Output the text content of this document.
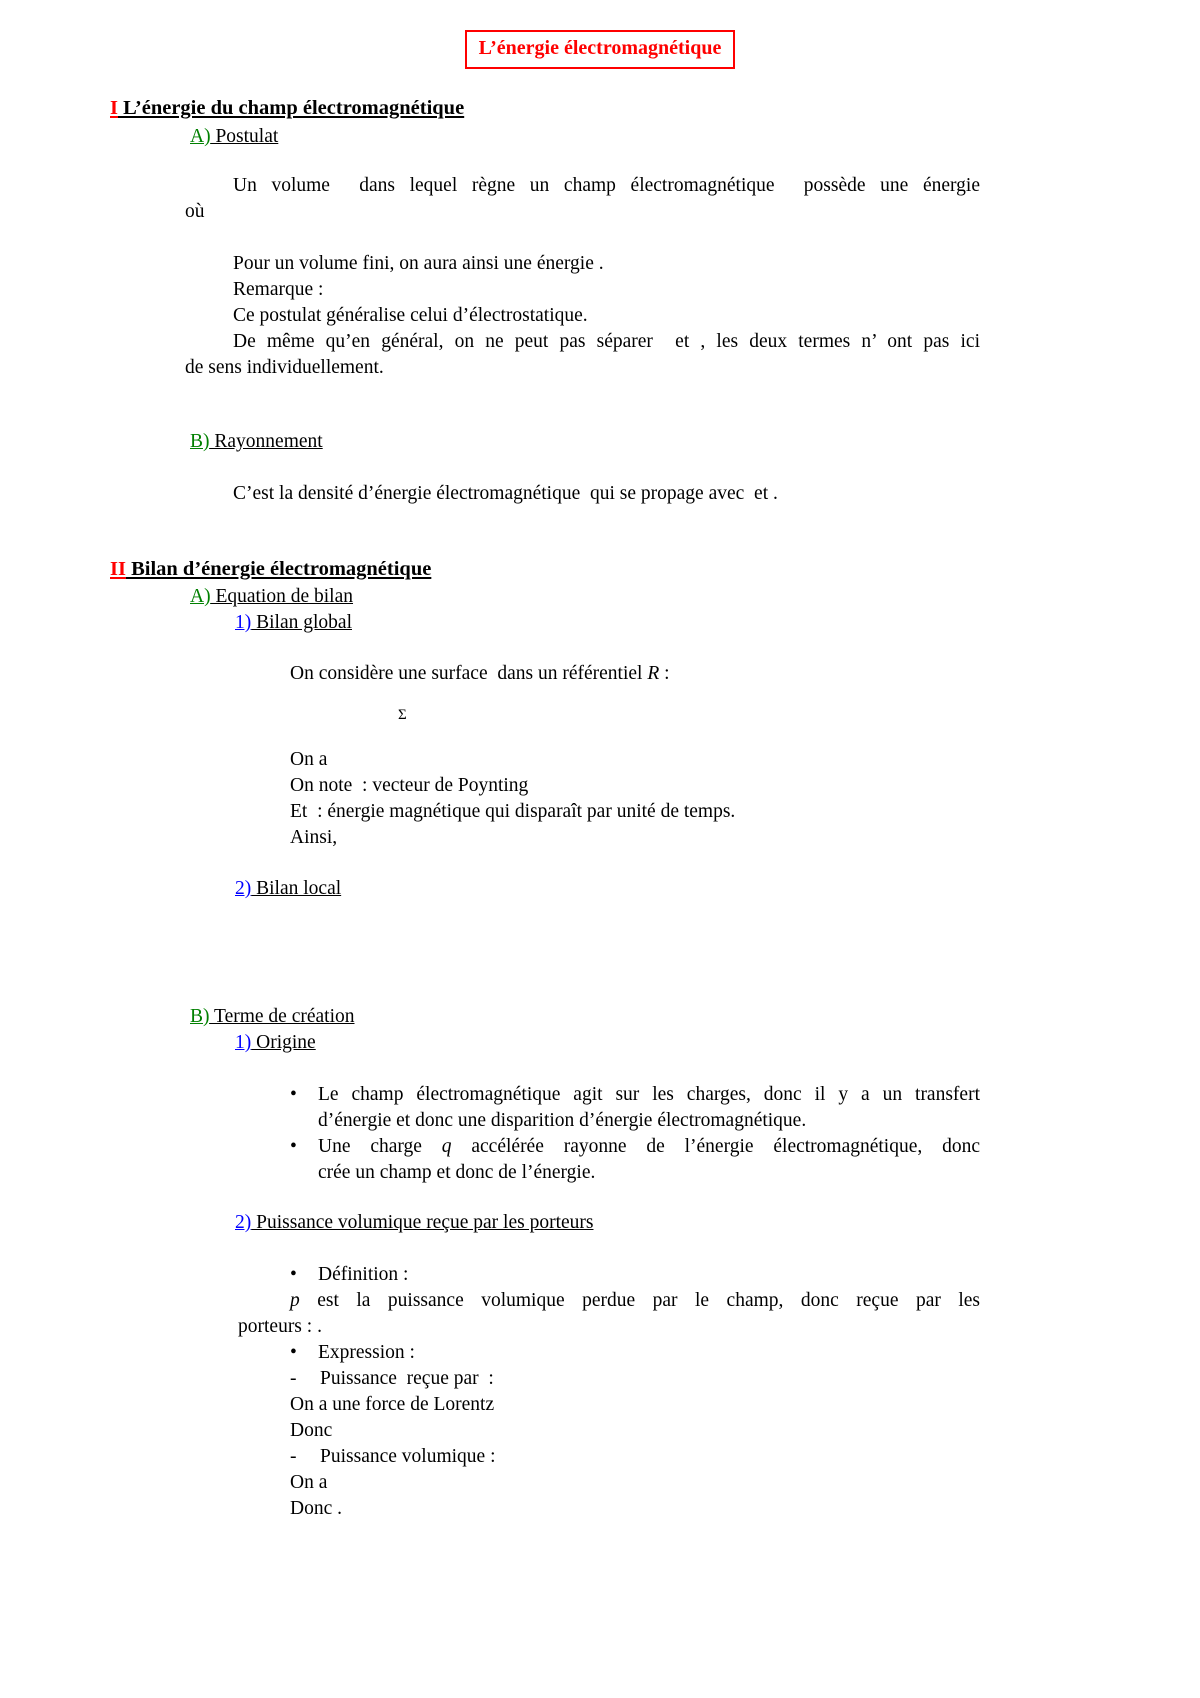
L’énergie électromagnétique
I L’énergie du champ électromagnétique
A) Postulat
Un volume  dans lequel règne un champ électromagnétique  possède une énergie
où
Pour un volume fini, on aura ainsi une énergie .
Remarque :
Ce postulat généralise celui d’électrostatique.
De même qu’en général, on ne peut pas séparer  et , les deux termes n’ ont pas ici
de sens individuellement.
B) Rayonnement
C’est la densité d’énergie électromagnétique  qui se propage avec  et .
II Bilan d’énergie électromagnétique
A) Equation de bilan
1) Bilan global
On considère une surface  dans un référentiel R :
Σ
On a
On note  : vecteur de Poynting
Et  : énergie magnétique qui disparaît par unité de temps.
Ainsi,
2) Bilan local
B) Terme de création
1) Origine
• Le champ électromagnétique agit sur les charges, donc il y a un transfert
d’énergie et donc une disparition d’énergie électromagnétique.
• Une charge q accélérée rayonne de l’énergie électromagnétique, donc
crée un champ et donc de l’énergie.
2) Puissance volumique reçue par les porteurs
• Définition :
p est la puissance volumique perdue par le champ, donc reçue par les
porteurs : .
• Expression :
- Puissance  reçue par  :
On a une force de Lorentz
Donc
- Puissance volumique :
On a
Donc .
